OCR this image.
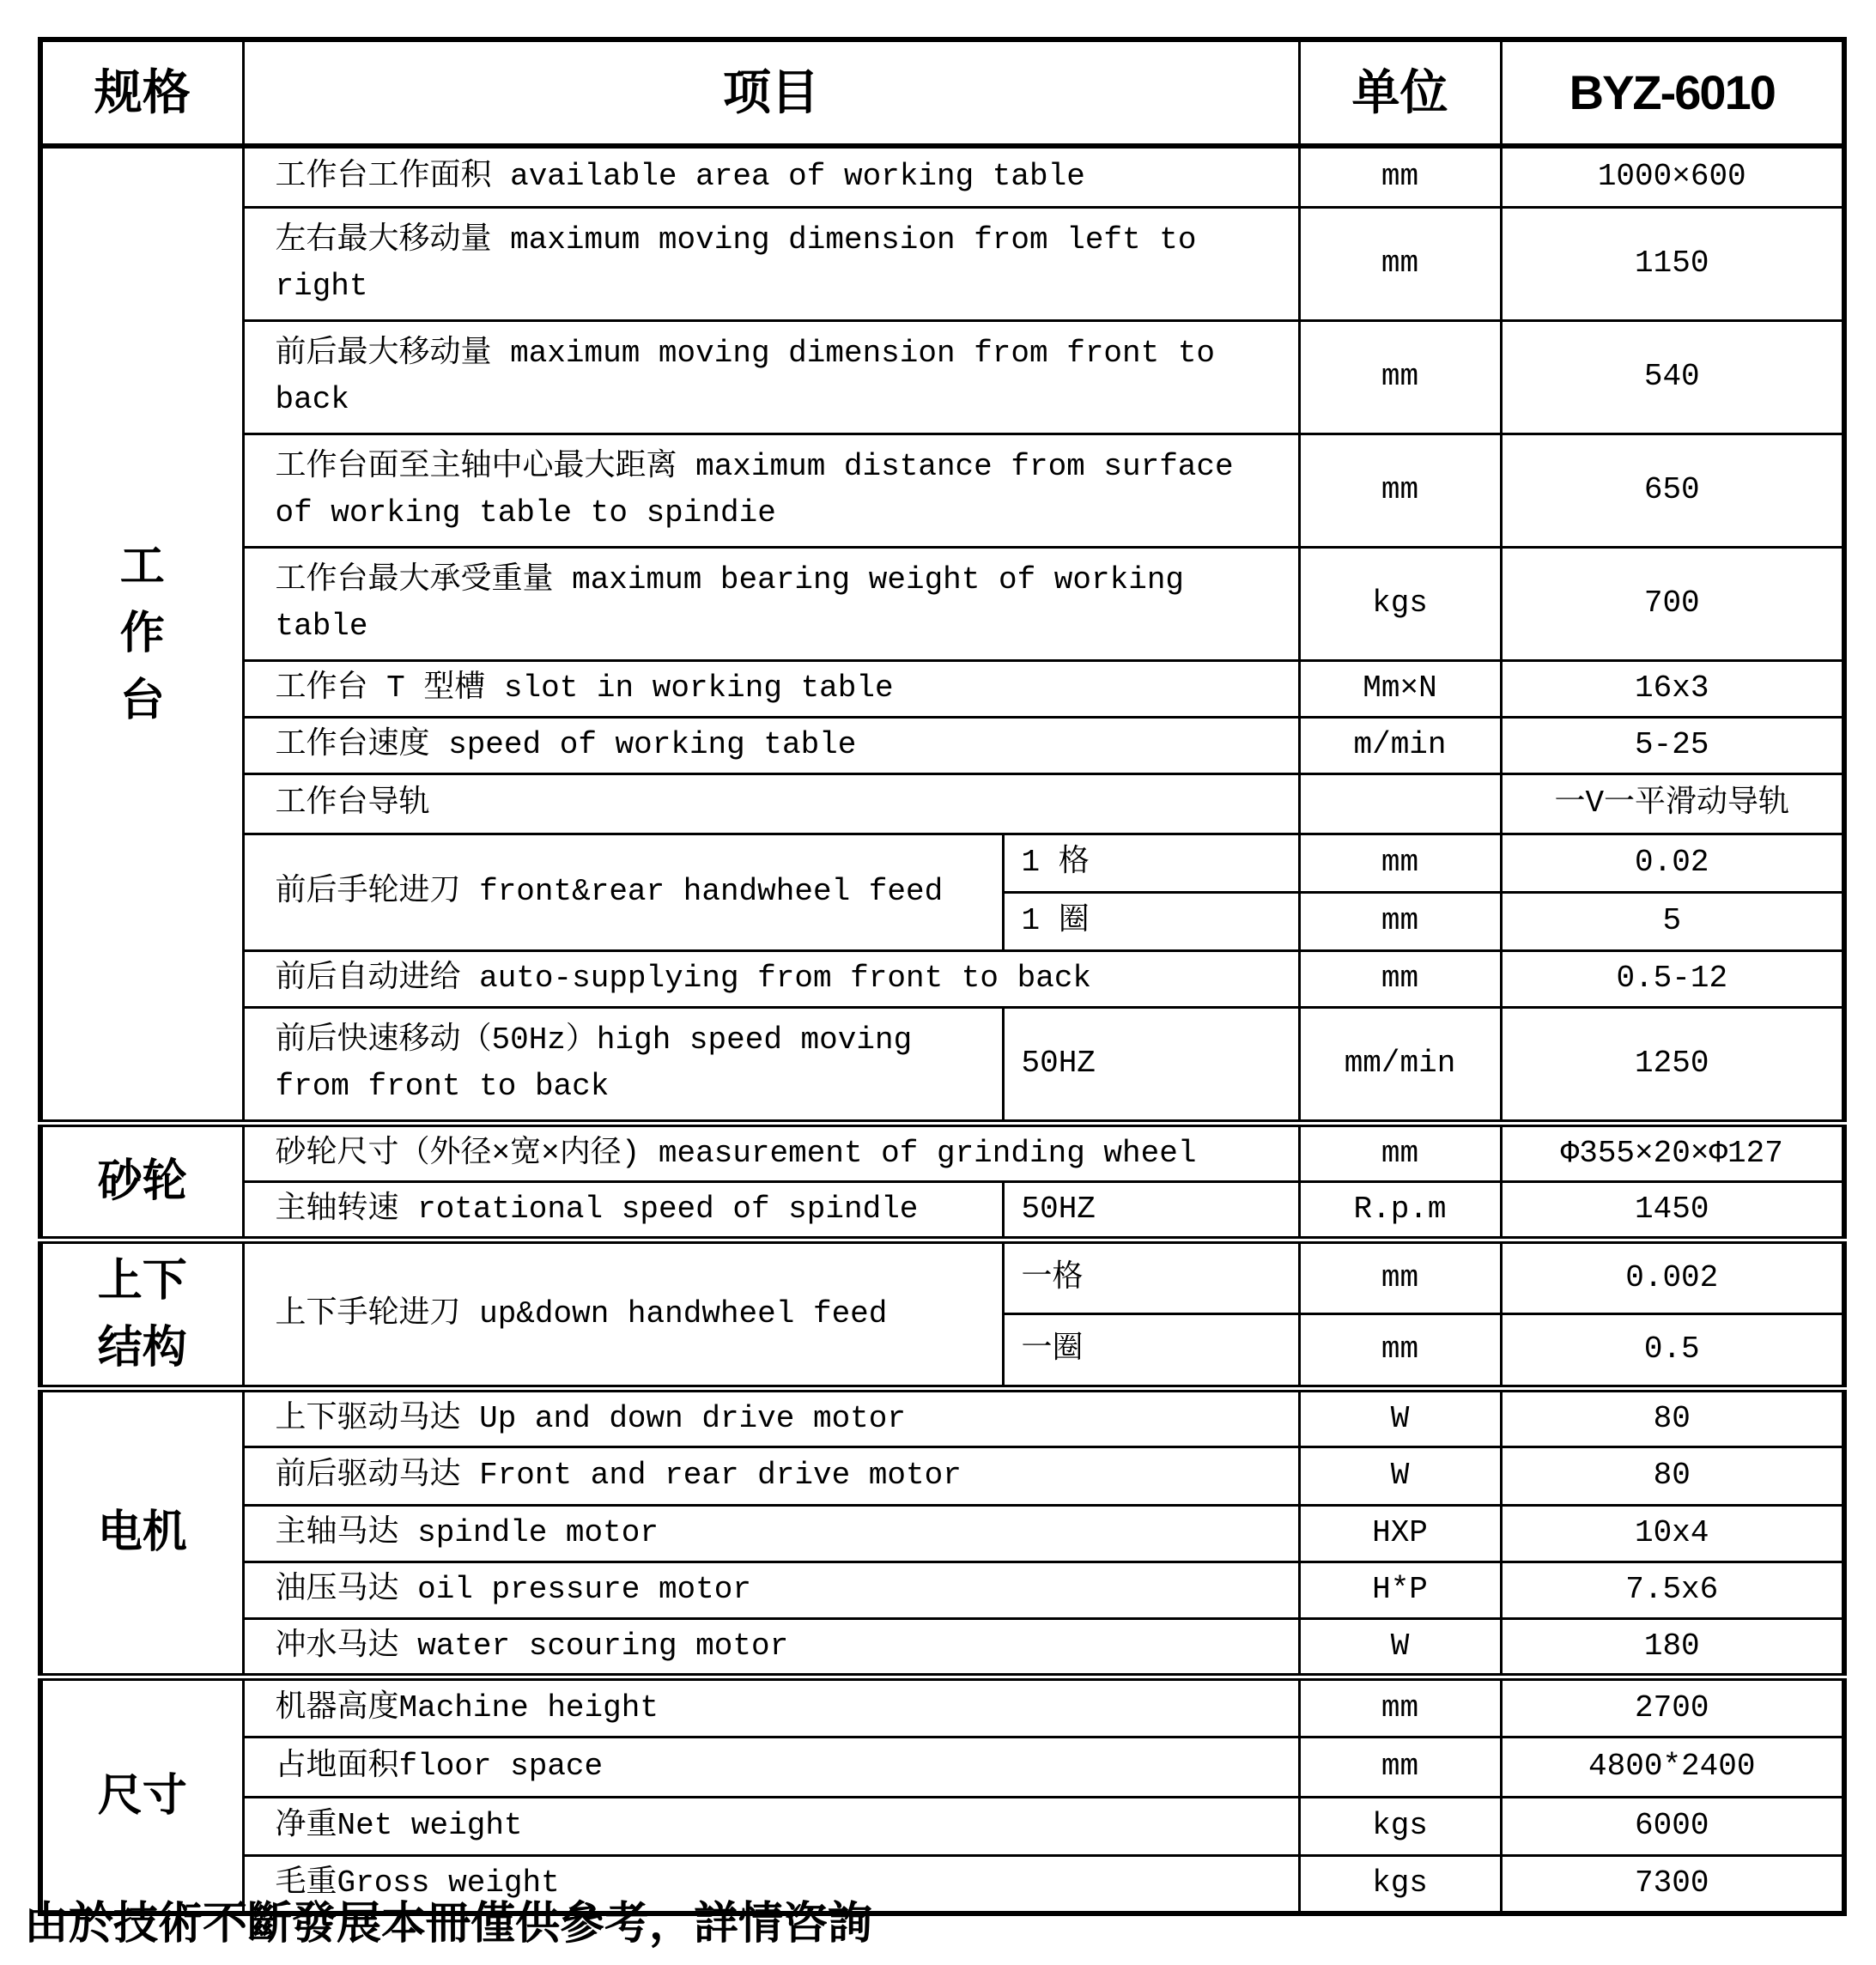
规格	项目		单位	BYZ-6010
工
作
台	工作台工作面积 available area of working table		mm	1000×600
	左右最大移动量 maximum moving dimension from left to right		mm	1150
	前后最大移动量 maximum moving dimension from front to back		mm	540
	工作台面至主轴中心最大距离 maximum distance from surface of working table to spindie		mm	650
	工作台最大承受重量 maximum bearing weight of working table		kgs	700
	工作台 T 型槽 slot in working table		Mm×N	16x3
	工作台速度 speed of working table		m/min	5-25
	工作台导轨			一V一平滑动导轨
	前后手轮进刀 front&rear handwheel feed	1 格	mm	0.02
		1 圈	mm	5
	前后自动进给 auto-supplying from front to back		mm	0.5-12
	前后快速移动（50Hz）high speed moving from front to back	50HZ	mm/min	1250
砂轮	砂轮尺寸（外径×宽×内径) measurement of grinding wheel		mm	Φ355×20×Φ127
	主轴转速 rotational speed of spindle	50HZ	R.p.m	1450
上下
结构	上下手轮进刀 up&down handwheel feed	一格	mm	0.002
		一圈	mm	0.5
电机	上下驱动马达 Up and down drive motor		W	80
	前后驱动马达 Front and rear drive motor		W	80
	主轴马达 spindle motor		HXP	10x4
	油压马达 oil pressure motor		H*P	7.5x6
	冲水马达 water scouring motor		W	180
尺寸	机器高度Machine height		mm	2700
	占地面积floor space		mm	4800*2400
	净重Net weight		kgs	6000
	毛重Gross weight		kgs	7300
由於技術不斷發展本冊僅供參考，詳情咨詢
